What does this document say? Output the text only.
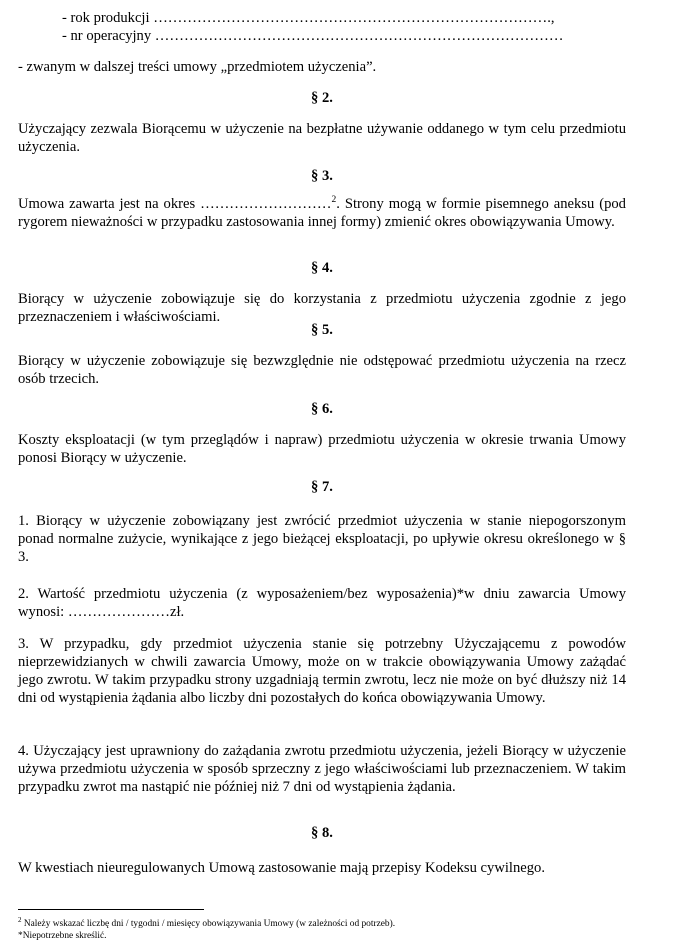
- rok produkcji ……………………………………………………………………….,

- nr operacyjny …………………………………………………………………………

- zwanym w dalszej treści umowy „przedmiotem użyczenia”.

§ 2.

Użyczający zezwala Biorącemu w użyczenie na bezpłatne używanie oddanego w tym celu przedmiotu użyczenia.

§ 3.

Umowa zawarta jest na okres ………………………$^2$. Strony mogą w formie pisemnego aneksu (pod rygorem nieważności w przypadku zastosowania innej formy) zmienić okres obowiązywania Umowy.

§ 4.

Biorący w użyczenie zobowiązuje się do korzystania z przedmiotu użyczenia zgodnie z jego przeznaczeniem i właściwościami.

§ 5.

Biorący w użyczenie zobowiązuje się bezwzględnie nie odstępować przedmiotu użyczenia na rzecz osób trzecich.

§ 6.

Koszty eksploatacji (w tym przeglądów i napraw) przedmiotu użyczenia w okresie trwania Umowy ponosi Biorący w użyczenie.

§ 7.

1. Biorący w użyczenie zobowiązany jest zwrócić przedmiot użyczenia w stanie niepogorszonym ponad normalne zużycie, wynikające z jego bieżącej eksploatacji, po upływie okresu określonego w § 3.

2. Wartość przedmiotu użyczenia (z wyposażeniem/bez wyposażenia)*w dniu zawarcia Umowy wynosi: …………………zł.

3. W przypadku, gdy przedmiot użyczenia stanie się potrzebny Użyczającemu z powodów nieprzewidzianych w chwili zawarcia Umowy, może on w trakcie obowiązywania Umowy zażądać jego zwrotu. W takim przypadku strony uzgadniają termin zwrotu, lecz nie może on być dłuższy niż 14 dni od wystąpienia żądania albo liczby dni pozostałych do końca obowiązywania Umowy.

4. Użyczający jest uprawniony do zażądania zwrotu przedmiotu użyczenia, jeżeli Biorący w użyczenie używa przedmiotu użyczenia w sposób sprzeczny z jego właściwościami lub przeznaczeniem. W takim przypadku zwrot ma nastąpić nie później niż 7 dni od wystąpienia żądania.

§ 8.

W kwestiach nieuregulowanych Umową zastosowanie mają przepisy Kodeksu cywilnego.

$^2$ Należy wskazać liczbę dni / tygodni / miesięcy obowiązywania Umowy (w zależności od potrzeb).

*Niepotrzebne skreślić.
